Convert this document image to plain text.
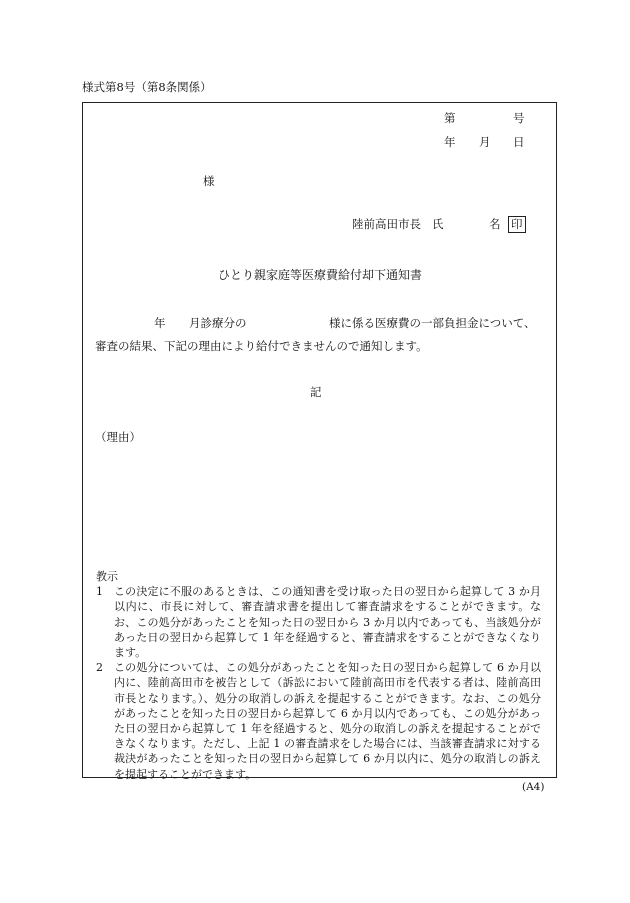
様式第8号（第8条関係）
第	号
年 月 日
様
陸前高田市長 氏	名 印
ひとり親家庭等医療費給付却下通知書
年 月診療分の	様に係る医療費の一部負担金について、
審査の結果、下記の理由により給付できませんので通知します。
記
（理由）
教示
1 この決定に不服のあるときは、この通知書を受け取った日の翌日から起算して 3 か月以内に、市長に対して、審査請求書を提出して審査請求をすることができます。なお、この処分があったことを知った日の翌日から 3 か月以内であっても、当該処分があった日の翌日から起算して 1 年を経過すると、審査請求をすることができなくなります。
2 この処分については、この処分があったことを知った日の翌日から起算して 6 か月以内に、陸前高田市を被告として（訴訟において陸前高田市を代表する者は、陸前高田市長となります。）、処分の取消しの訴えを提起することができます。なお、この処分があったことを知った日の翌日から起算して 6 か月以内であっても、この処分があった日の翌日から起算して 1 年を経過すると、処分の取消しの訴えを提起することができなくなります。ただし、上記 1 の審査請求をした場合には、当該審査請求に対する裁決があったことを知った日の翌日から起算して 6 か月以内に、処分の取消しの訴えを提起することができます。
(A4)
